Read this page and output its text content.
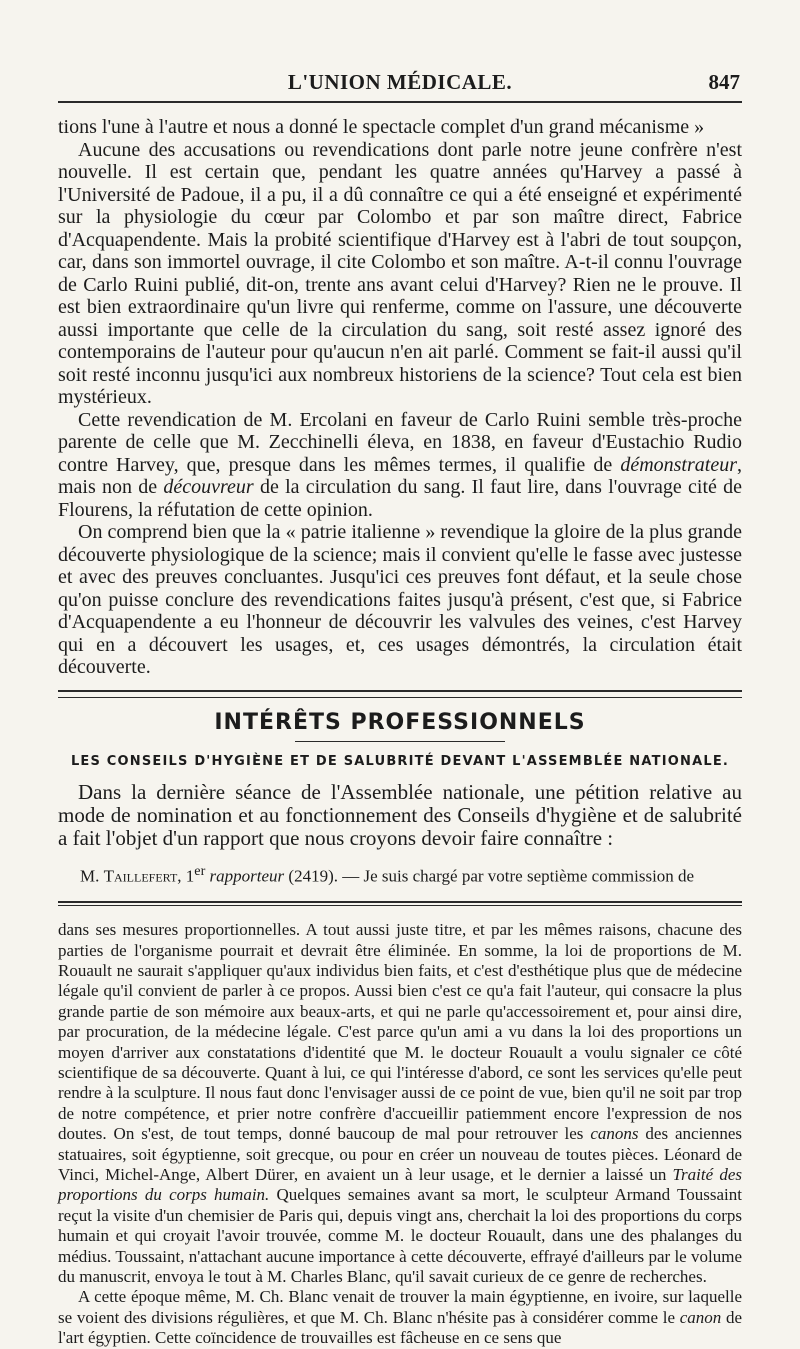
L'UNION MÉDICALE.	847

tions l'une à l'autre et nous a donné le spectacle complet d'un grand mécanisme »

Aucune des accusations ou revendications dont parle notre jeune confrère n'est nouvelle. Il est certain que, pendant les quatre années qu'Harvey a passé à l'Université de Padoue, il a pu, il a dû connaître ce qui a été enseigné et expérimenté sur la physiologie du cœur par Colombo et par son maître direct, Fabrice d'Acquapendente. Mais la probité scientifique d'Harvey est à l'abri de tout soupçon, car, dans son immortel ouvrage, il cite Colombo et son maître. A-t-il connu l'ouvrage de Carlo Ruini publié, dit-on, trente ans avant celui d'Harvey? Rien ne le prouve. Il est bien extraordinaire qu'un livre qui renferme, comme on l'assure, une découverte aussi importante que celle de la circulation du sang, soit resté assez ignoré des contemporains de l'auteur pour qu'aucun n'en ait parlé. Comment se fait-il aussi qu'il soit resté inconnu jusqu'ici aux nombreux historiens de la science? Tout cela est bien mystérieux.

Cette revendication de M. Ercolani en faveur de Carlo Ruini semble très-proche parente de celle que M. Zecchinelli éleva, en 1838, en faveur d'Eustachio Rudio contre Harvey, que, presque dans les mêmes termes, il qualifie de démonstrateur, mais non de découvreur de la circulation du sang. Il faut lire, dans l'ouvrage cité de Flourens, la réfutation de cette opinion.

On comprend bien que la « patrie italienne » revendique la gloire de la plus grande découverte physiologique de la science; mais il convient qu'elle le fasse avec justesse et avec des preuves concluantes. Jusqu'ici ces preuves font défaut, et la seule chose qu'on puisse conclure des revendications faites jusqu'à présent, c'est que, si Fabrice d'Acquapendente a eu l'honneur de découvrir les valvules des veines, c'est Harvey qui en a découvert les usages, et, ces usages démontrés, la circulation était découverte.

INTÉRÊTS PROFESSIONNELS
LES CONSEILS D'HYGIÈNE ET DE SALUBRITÉ DEVANT L'ASSEMBLÉE NATIONALE.

Dans la dernière séance de l'Assemblée nationale, une pétition relative au mode de nomination et au fonctionnement des Conseils d'hygiène et de salubrité a fait l'objet d'un rapport que nous croyons devoir faire connaître :

M. Taillefert, 1er rapporteur (2419). — Je suis chargé par votre septième commission de

dans ses mesures proportionnelles. A tout aussi juste titre, et par les mêmes raisons, chacune des parties de l'organisme pourrait et devrait être éliminée. En somme, la loi de proportions de M. Rouault ne saurait s'appliquer qu'aux individus bien faits, et c'est d'esthétique plus que de médecine légale qu'il convient de parler à ce propos. Aussi bien c'est ce qu'a fait l'auteur, qui consacre la plus grande partie de son mémoire aux beaux-arts, et qui ne parle qu'accessoirement et, pour ainsi dire, par procuration, de la médecine légale. C'est parce qu'un ami a vu dans la loi des proportions un moyen d'arriver aux constatations d'identité que M. le docteur Rouault a voulu signaler ce côté scientifique de sa découverte. Quant à lui, ce qui l'intéresse d'abord, ce sont les services qu'elle peut rendre à la sculpture. Il nous faut donc l'envisager aussi de ce point de vue, bien qu'il ne soit par trop de notre compétence, et prier notre confrère d'accueillir patiemment encore l'expression de nos doutes. On s'est, de tout temps, donné baucoup de mal pour retrouver les canons des anciennes statuaires, soit égyptienne, soit grecque, ou pour en créer un nouveau de toutes pièces. Léonard de Vinci, Michel-Ange, Albert Dürer, en avaient un à leur usage, et le dernier a laissé un Traité des proportions du corps humain. Quelques semaines avant sa mort, le sculpteur Armand Toussaint reçut la visite d'un chemisier de Paris qui, depuis vingt ans, cherchait la loi des proportions du corps humain et qui croyait l'avoir trouvée, comme M. le docteur Rouault, dans une des phalanges du médius. Toussaint, n'attachant aucune importance à cette découverte, effrayé d'ailleurs par le volume du manuscrit, envoya le tout à M. Charles Blanc, qu'il savait curieux de ce genre de recherches.

A cette époque même, M. Ch. Blanc venait de trouver la main égyptienne, en ivoire, sur laquelle se voient des divisions régulières, et que M. Ch. Blanc n'hésite pas à considérer comme le canon de l'art égyptien. Cette coïncidence de trouvailles est fâcheuse en ce sens que
